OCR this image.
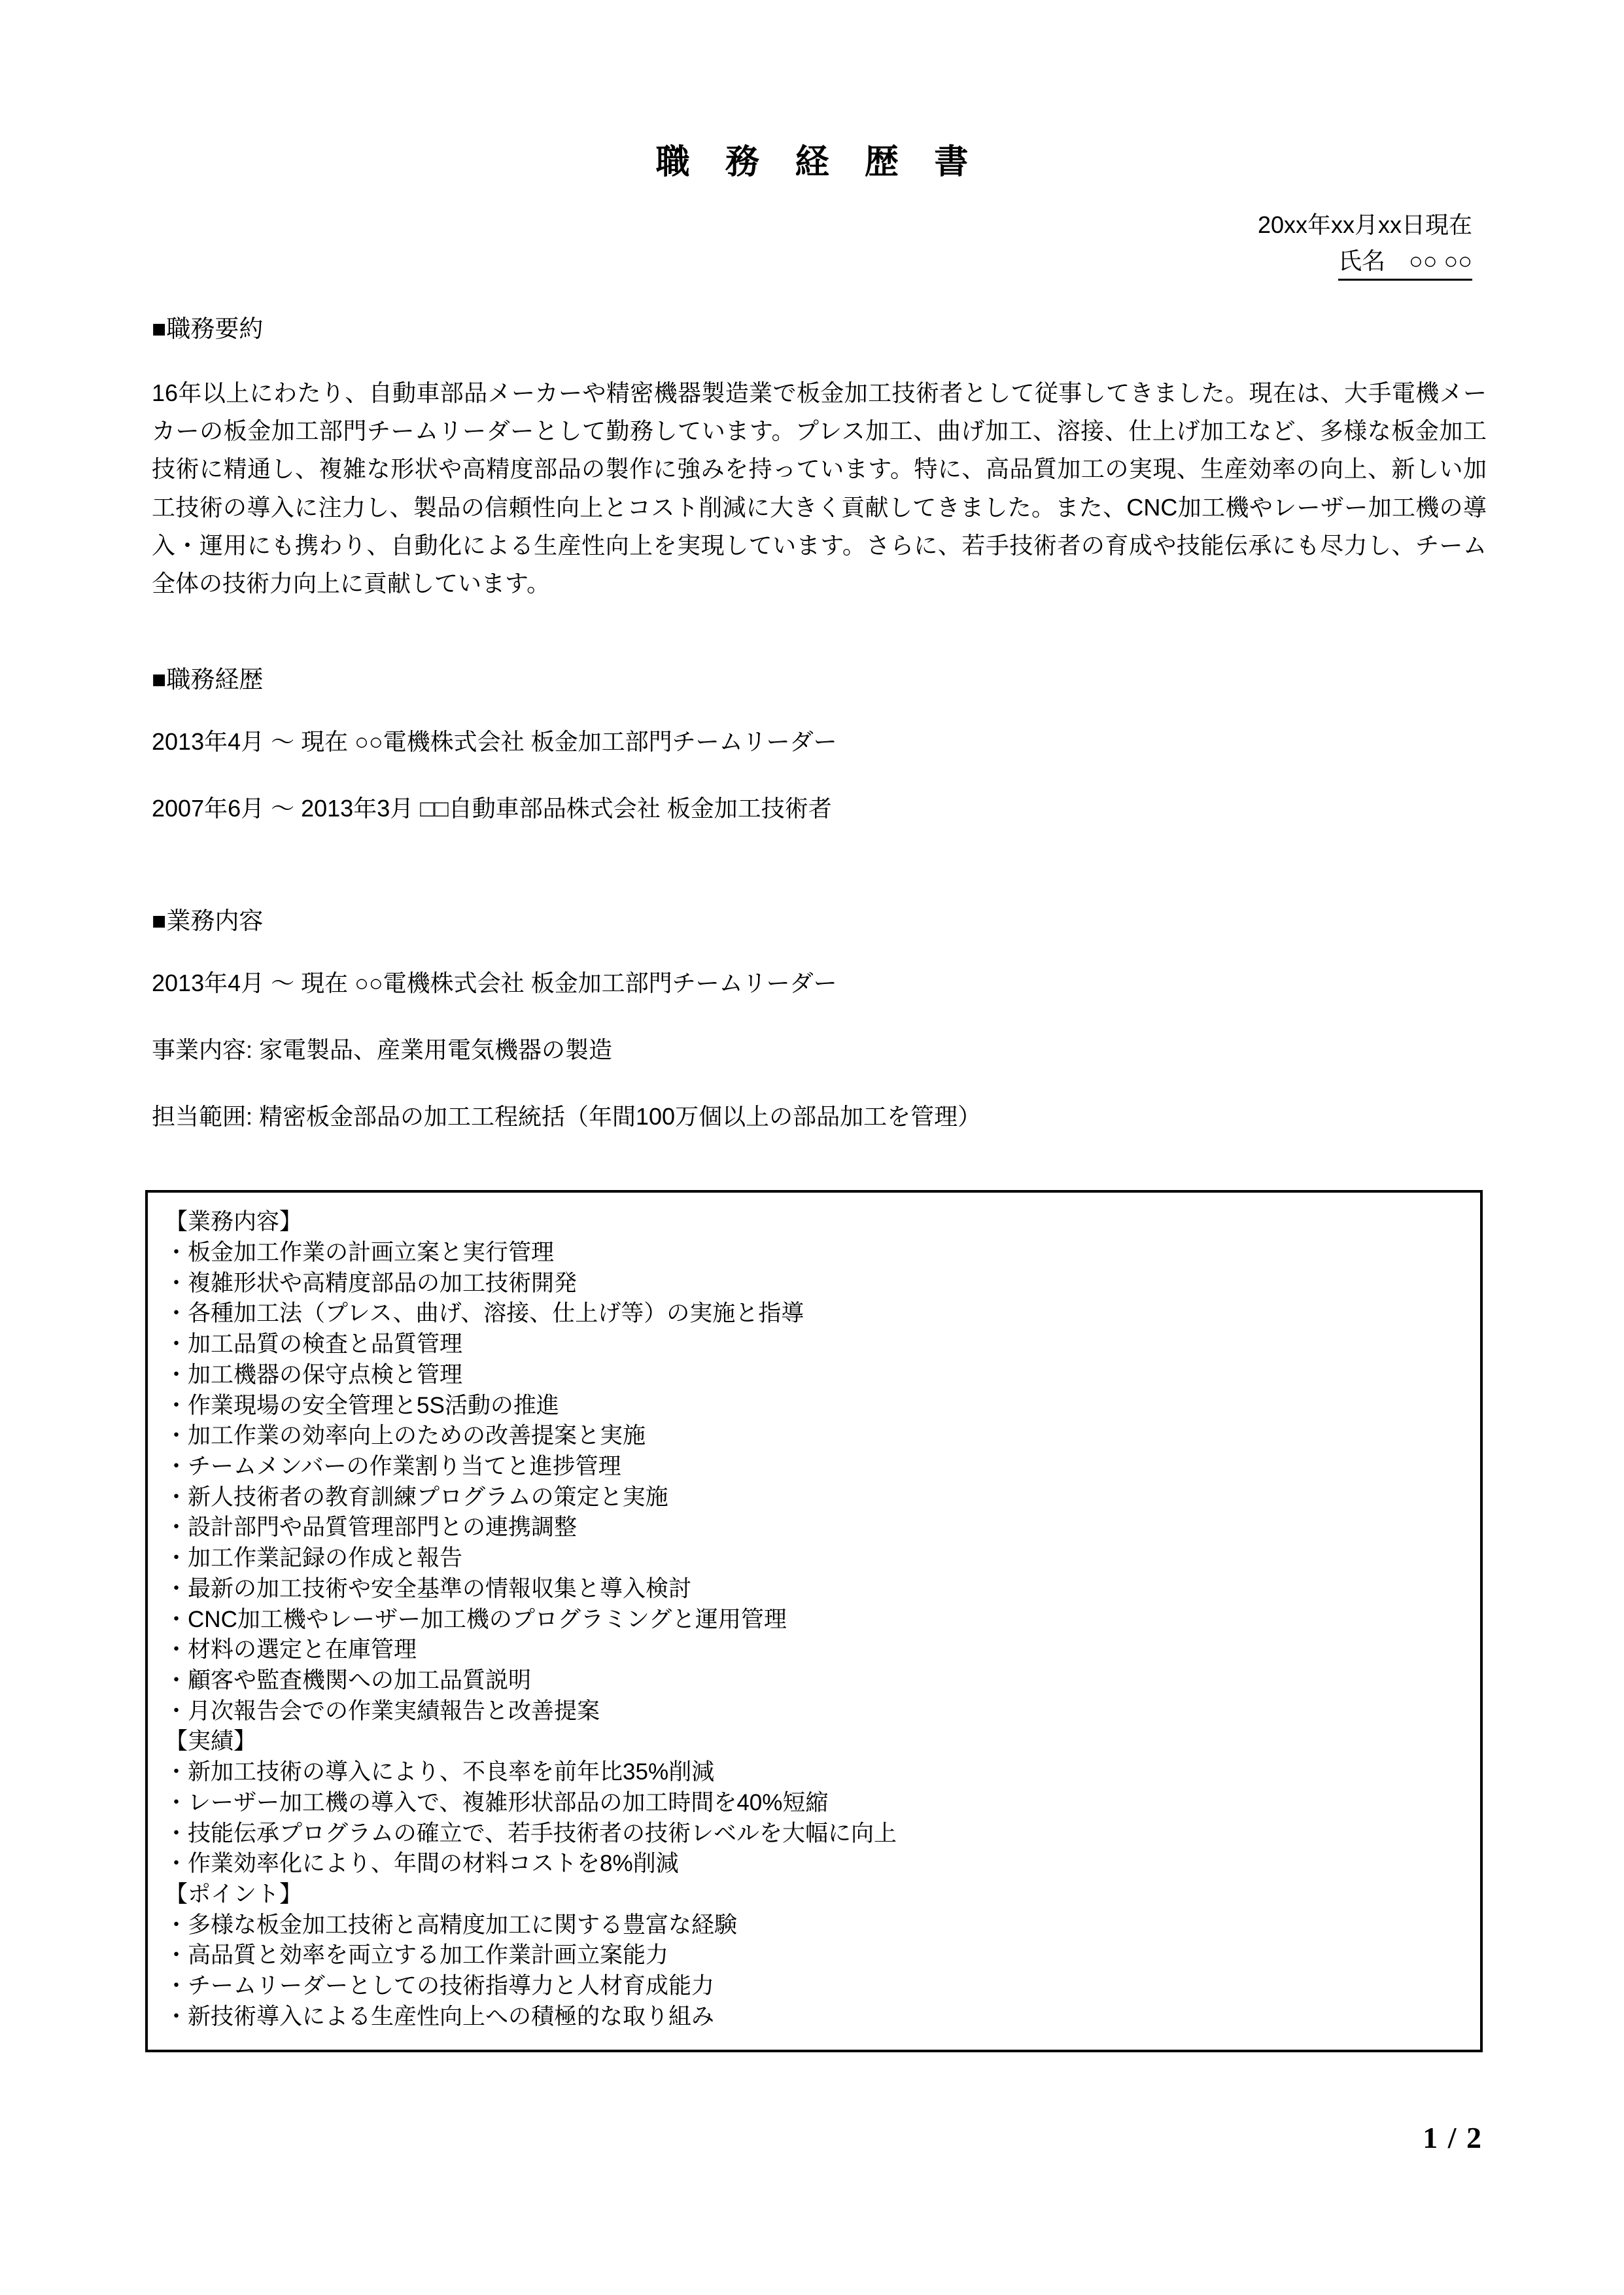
職 務 経 歴 書
20xx年xx月xx日現在
氏名　○○ ○○
■職務要約

16年以上にわたり、自動車部品メーカーや精密機器製造業で板金加工技術者として従事してきました。現在は、大手電機メーカーの板金加工部門チームリーダーとして勤務しています。プレス加工、曲げ加工、溶接、仕上げ加工など、多様な板金加工技術に精通し、複雑な形状や高精度部品の製作に強みを持っています。特に、高品質加工の実現、生産効率の向上、新しい加工技術の導入に注力し、製品の信頼性向上とコスト削減に大きく貢献してきました。また、CNC加工機やレーザー加工機の導入・運用にも携わり、自動化による生産性向上を実現しています。さらに、若手技術者の育成や技能伝承にも尽力し、チーム全体の技術力向上に貢献しています。

■職務経歴

2013年4月 ～ 現在 ○○電機株式会社 板金加工部門チームリーダー

2007年6月 ～ 2013年3月 □□自動車部品株式会社 板金加工技術者

■業務内容

2013年4月 ～ 現在 ○○電機株式会社 板金加工部門チームリーダー

事業内容: 家電製品、産業用電気機器の製造

担当範囲: 精密板金部品の加工工程統括（年間100万個以上の部品加工を管理）

【業務内容】
・ 板金加工作業の計画立案と実行管理
・ 複雑形状や高精度部品の加工技術開発
・ 各種加工法（プレス、曲げ、溶接、仕上げ等）の実施と指導
・ 加工品質の検査と品質管理
・ 加工機器の保守点検と管理
・ 作業現場の安全管理と5S活動の推進
・ 加工作業の効率向上のための改善提案と実施
・ チームメンバーの作業割り当てと進捗管理
・ 新人技術者の教育訓練プログラムの策定と実施
・ 設計部門や品質管理部門との連携調整
・ 加工作業記録の作成と報告
・ 最新の加工技術や安全基準の情報収集と導入検討
・ CNC加工機やレーザー加工機のプログラミングと運用管理
・ 材料の選定と在庫管理
・ 顧客や監査機関への加工品質説明
・ 月次報告会での作業実績報告と改善提案
【実績】
・ 新加工技術の導入により、不良率を前年比35%削減
・ レーザー加工機の導入で、複雑形状部品の加工時間を40%短縮
・ 技能伝承プログラムの確立で、若手技術者の技術レベルを大幅に向上
・ 作業効率化により、年間の材料コストを8%削減
【ポイント】
・ 多様な板金加工技術と高精度加工に関する豊富な経験
・ 高品質と効率を両立する加工作業計画立案能力
・ チームリーダーとしての技術指導力と人材育成能力
・ 新技術導入による生産性向上への積極的な取り組み
1 / 2
